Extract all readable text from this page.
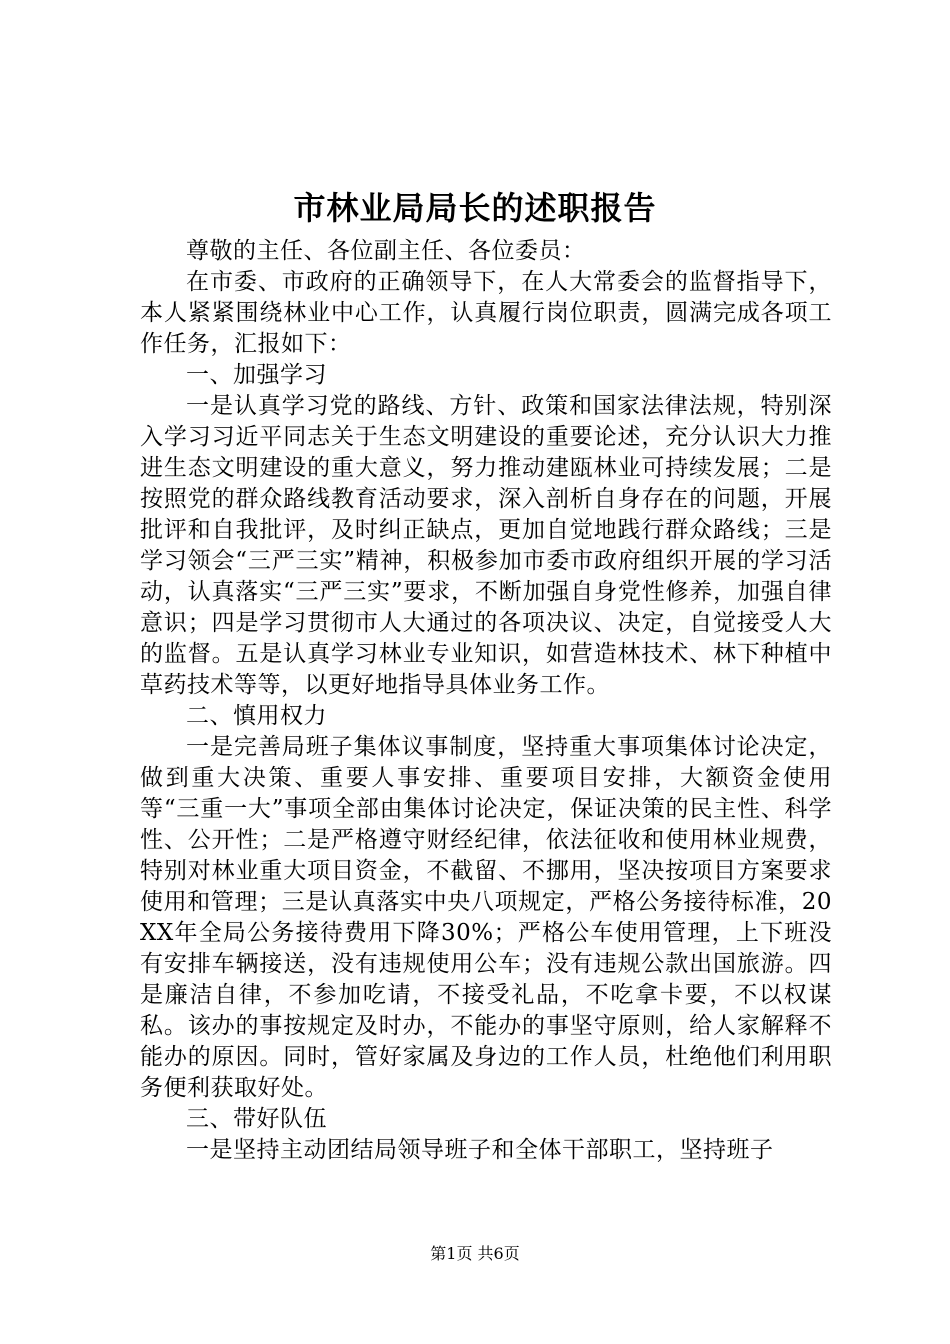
市林业局局长的述职报告

尊敬的主任、各位副主任、各位委员：

在市委、市政府的正确领导下，在人大常委会的监督指导下，本人紧紧围绕林业中心工作，认真履行岗位职责，圆满完成各项工作任务，汇报如下：

一、加强学习

一是认真学习党的路线、方针、政策和国家法律法规，特别深入学习习近平同志关于生态文明建设的重要论述，充分认识大力推进生态文明建设的重大意义，努力推动建瓯林业可持续发展；二是按照党的群众路线教育活动要求，深入剖析自身存在的问题，开展批评和自我批评，及时纠正缺点，更加自觉地践行群众路线；三是学习领会“三严三实”精神，积极参加市委市政府组织开展的学习活动，认真落实“三严三实”要求，不断加强自身党性修养，加强自律意识；四是学习贯彻市人大通过的各项决议、决定，自觉接受人大的监督。五是认真学习林业专业知识，如营造林技术、林下种植中草药技术等等，以更好地指导具体业务工作。

二、慎用权力

一是完善局班子集体议事制度，坚持重大事项集体讨论决定，做到重大决策、重要人事安排、重要项目安排，大额资金使用等“三重一大”事项全部由集体讨论决定，保证决策的民主性、科学性、公开性；二是严格遵守财经纪律，依法征收和使用林业规费，特别对林业重大项目资金，不截留、不挪用，坚决按项目方案要求使用和管理；三是认真落实中央八项规定，严格公务接待标准，20XX年全局公务接待费用下降30%；严格公车使用管理，上下班没有安排车辆接送，没有违规使用公车；没有违规公款出国旅游。四是廉洁自律，不参加吃请，不接受礼品，不吃拿卡要，不以权谋私。该办的事按规定及时办，不能办的事坚守原则，给人家解释不能办的原因。同时，管好家属及身边的工作人员，杜绝他们利用职务便利获取好处。

三、带好队伍

一是坚持主动团结局领导班子和全体干部职工，坚持班子

第1页 共6页
